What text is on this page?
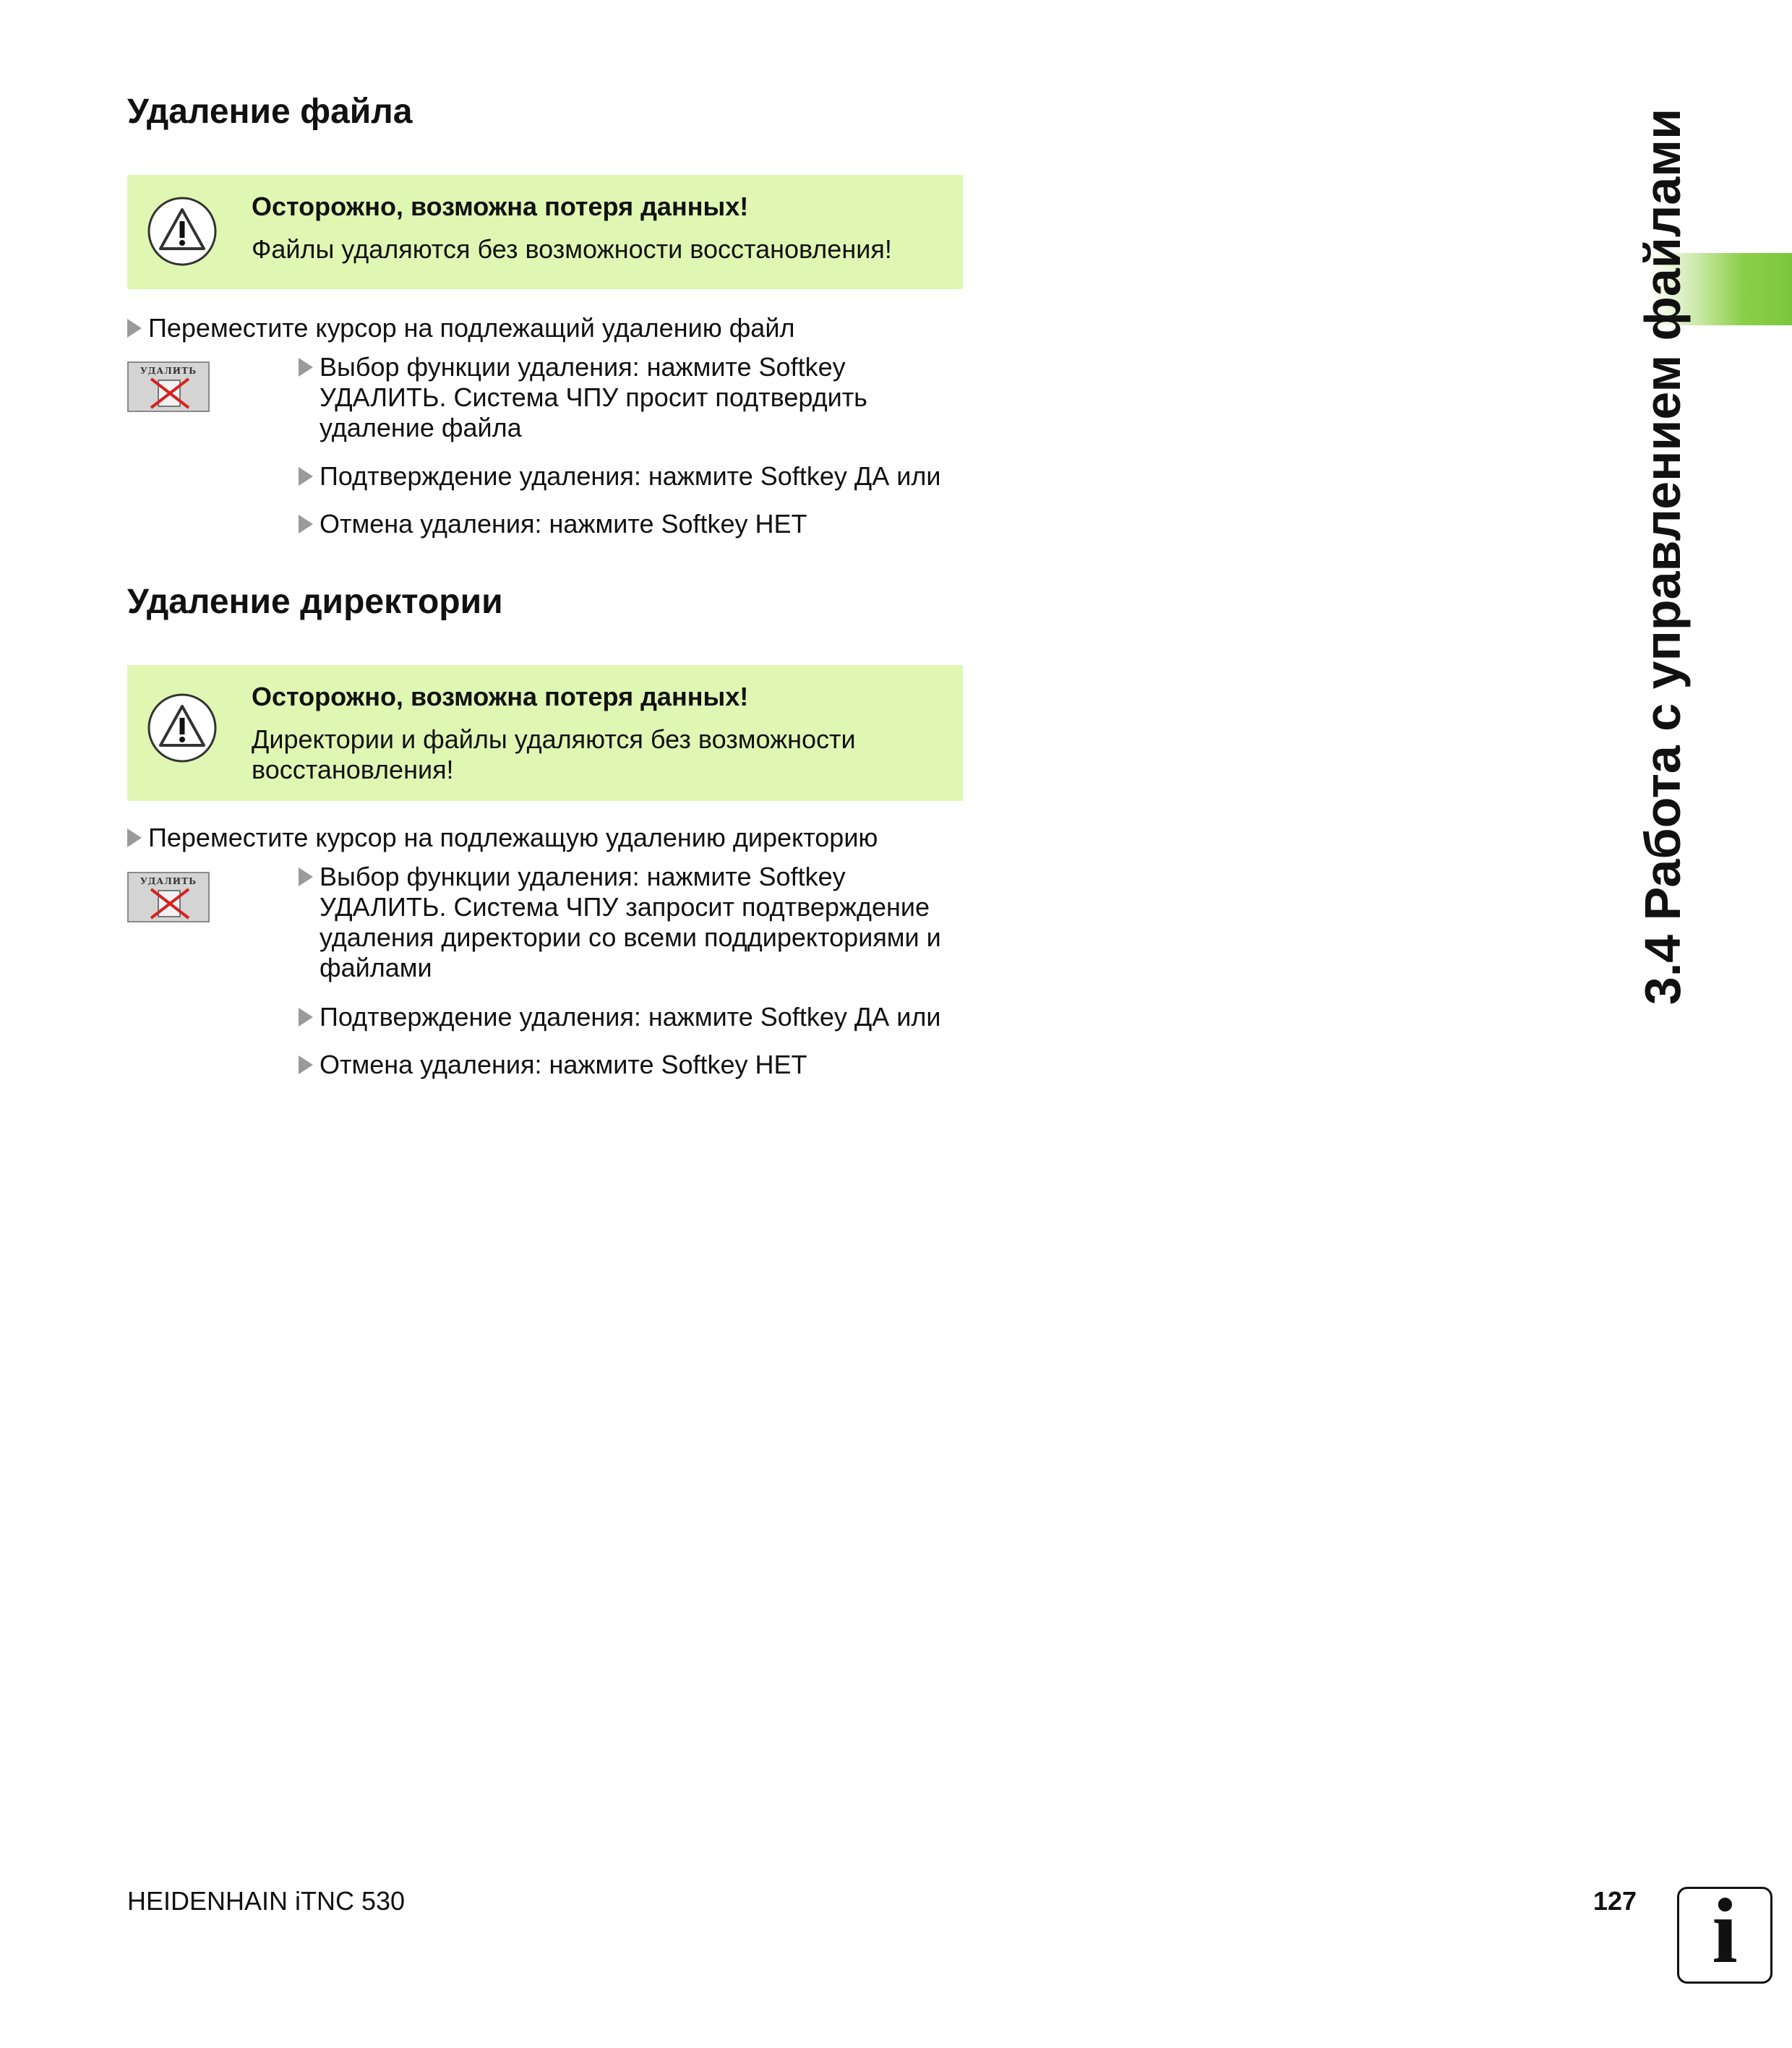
Удаление файла
Осторожно, возможна потеря данных!
Файлы удаляются без возможности восстановления!
Переместите курсор на подлежащий удалению файл
УДАЛИТЬ	Выбор функции удаления: нажмите Softkey УДАЛИТЬ. Система ЧПУ просит подтвердить удаление файла
Подтверждение удаления: нажмите Softkey ДА или
Отмена удаления: нажмите Softkey НЕТ
Удаление директории
Осторожно, возможна потеря данных!
Директории и файлы удаляются без возможности восстановления!
Переместите курсор на подлежащую удалению директорию
УДАЛИТЬ	Выбор функции удаления: нажмите Softkey УДАЛИТЬ. Система ЧПУ запросит подтверждение удаления директории со всеми поддиректориями и файлами
Подтверждение удаления: нажмите Softkey ДА или
Отмена удаления: нажмите Softkey НЕТ
3.4 Работа с управлением файлами
HEIDENHAIN iTNC 530	127 i
